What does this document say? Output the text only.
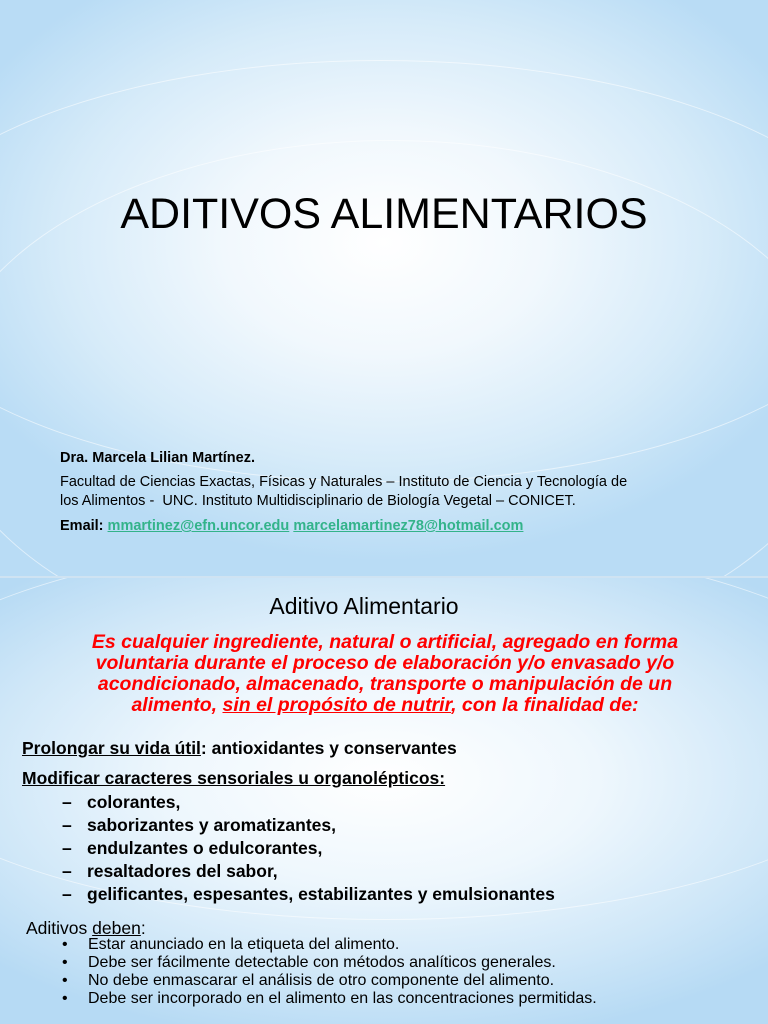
ADITIVOS ALIMENTARIOS
Dra. Marcela Lilian Martínez.
Facultad de Ciencias Exactas, Físicas y Naturales – Instituto de Ciencia y Tecnología de
los Alimentos -  UNC. Instituto Multidisciplinario de Biología Vegetal – CONICET.
Email: mmartinez@efn.uncor.edu marcelamartinez78@hotmail.com
Aditivo Alimentario
Es cualquier ingrediente, natural o artificial, agregado en forma
voluntaria durante el proceso de elaboración y/o envasado y/o
acondicionado, almacenado, transporte o manipulación de un
alimento, sin el propósito de nutrir, con la finalidad de:
Prolongar su vida útil: antioxidantes y conservantes
Modificar caracteres sensoriales u organolépticos:
– colorantes,
– saborizantes y aromatizantes,
– endulzantes o edulcorantes,
– resaltadores del sabor,
– gelificantes, espesantes, estabilizantes y emulsionantes
Aditivos deben:
• Estar anunciado en la etiqueta del alimento.
• Debe ser fácilmente detectable con métodos analíticos generales.
• No debe enmascarar el análisis de otro componente del alimento.
• Debe ser incorporado en el alimento en las concentraciones permitidas.
